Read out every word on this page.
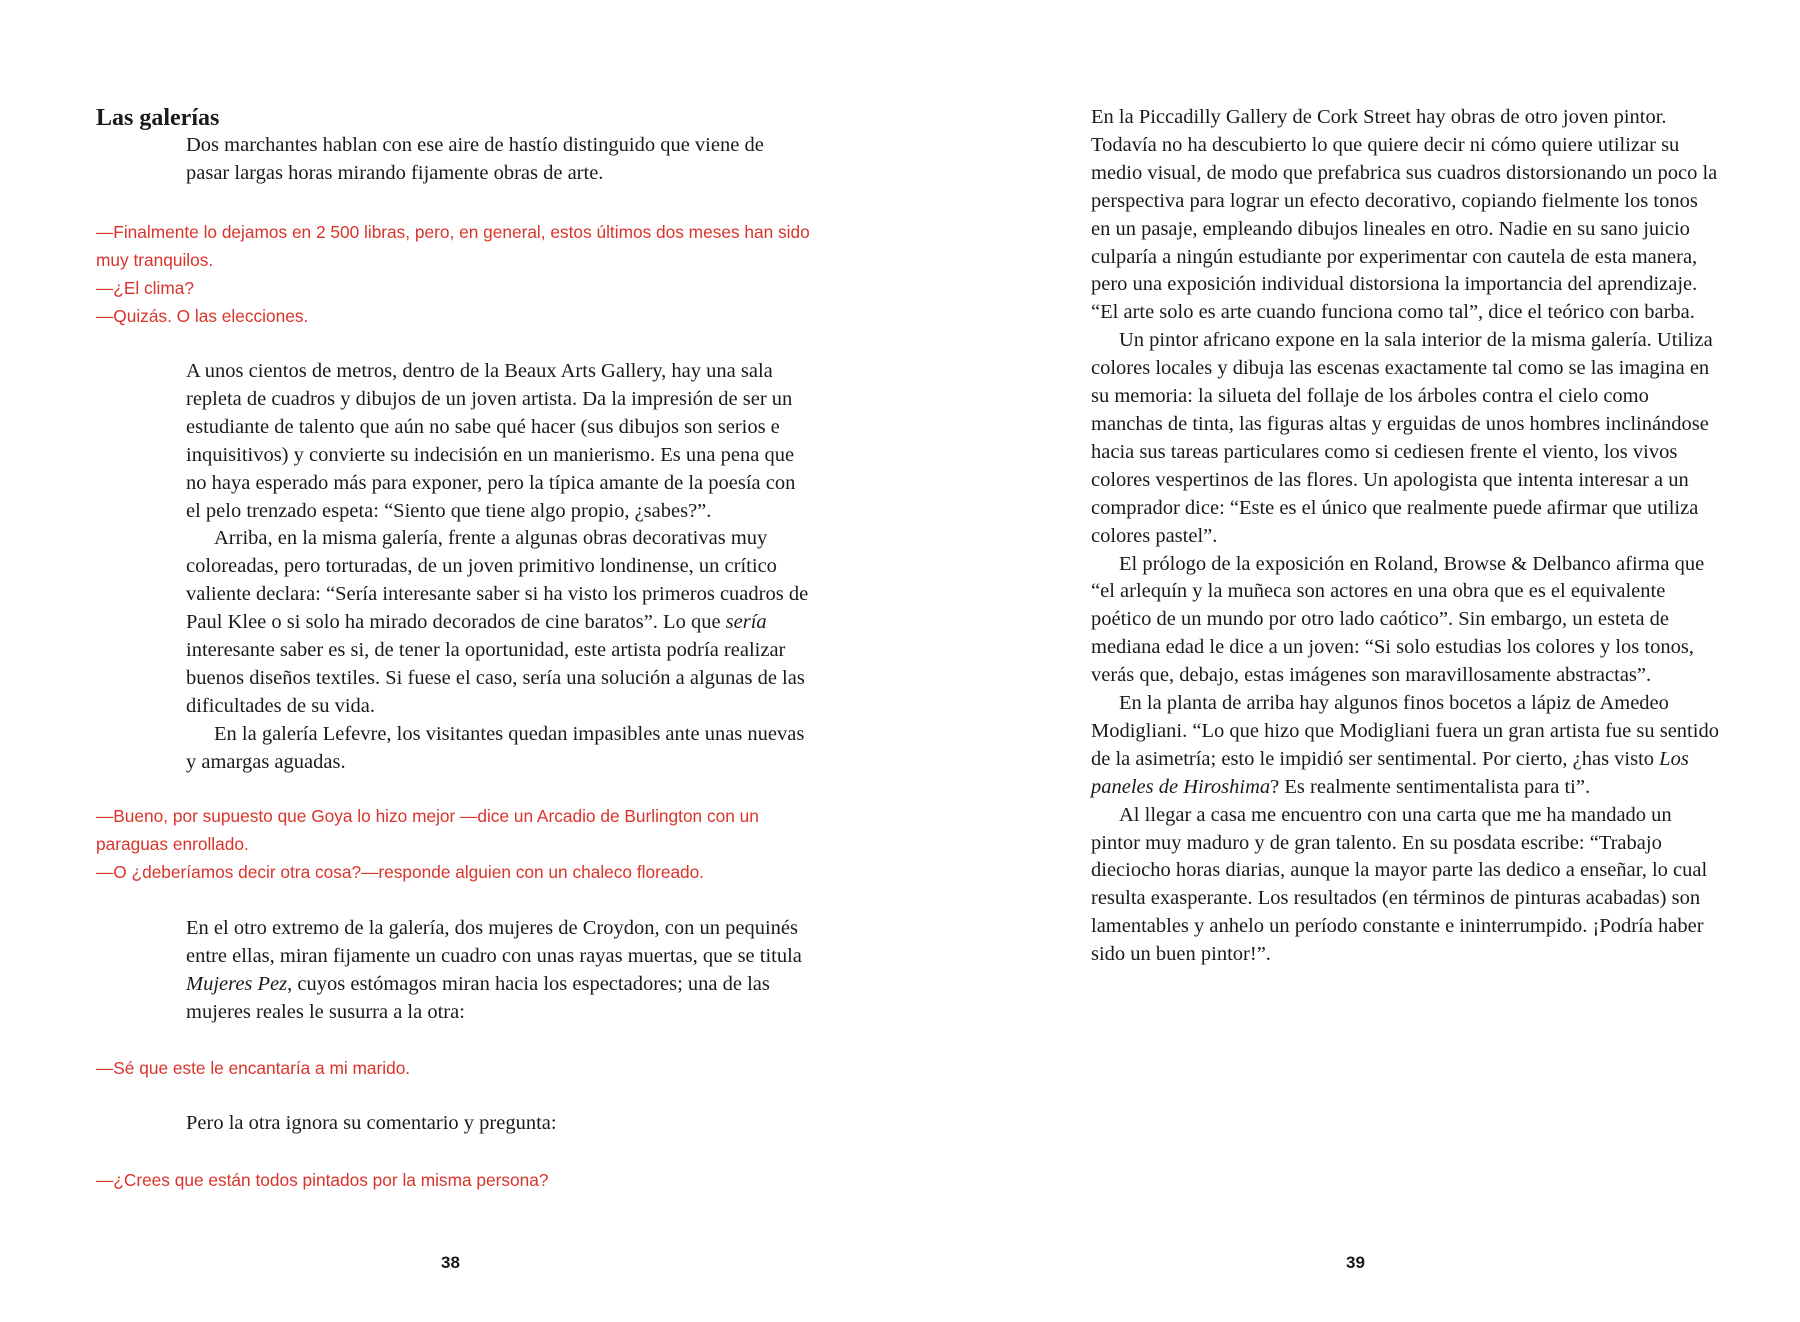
Las galerías

Dos marchantes hablan con ese aire de hastío distinguido que viene de pasar largas horas mirando fijamente obras de arte.

—Finalmente lo dejamos en 2 500 libras, pero, en general, estos últimos dos meses han sido muy tranquilos.

—¿El clima?

—Quizás. O las elecciones.

A unos cientos de metros, dentro de la Beaux Arts Gallery, hay una sala repleta de cuadros y dibujos de un joven artista. Da la impresión de ser un estudiante de talento que aún no sabe qué hacer (sus dibujos son serios e inquisitivos) y convierte su indecisión en un manierismo. Es una pena que no haya esperado más para exponer, pero la típica amante de la poesía con el pelo trenzado espeta: “Siento que tiene algo propio, ¿sabes?”.

Arriba, en la misma galería, frente a algunas obras decorativas muy coloreadas, pero torturadas, de un joven primitivo londinense, un crítico valiente declara: “Sería interesante saber si ha visto los primeros cuadros de Paul Klee o si solo ha mirado decorados de cine baratos”. Lo que sería interesante saber es si, de tener la oportunidad, este artista podría realizar buenos diseños textiles. Si fuese el caso, sería una solución a algunas de las dificultades de su vida.

En la galería Lefevre, los visitantes quedan impasibles ante unas nuevas y amargas aguadas.

—Bueno, por supuesto que Goya lo hizo mejor —dice un Arcadio de Burlington con un paraguas enrollado.

—O ¿deberíamos decir otra cosa?—responde alguien con un chaleco floreado.

En el otro extremo de la galería, dos mujeres de Croydon, con un pequinés entre ellas, miran fijamente un cuadro con unas rayas muertas, que se titula Mujeres Pez, cuyos estómagos miran hacia los espectadores; una de las mujeres reales le susurra a la otra:

—Sé que este le encantaría a mi marido.

Pero la otra ignora su comentario y pregunta:

—¿Crees que están todos pintados por la misma persona?

38

En la Piccadilly Gallery de Cork Street hay obras de otro joven pintor. Todavía no ha descubierto lo que quiere decir ni cómo quiere utilizar su medio visual, de modo que prefabrica sus cuadros distorsionando un poco la perspectiva para lograr un efecto decorativo, copiando fielmente los tonos en un pasaje, empleando dibujos lineales en otro. Nadie en su sano juicio culparía a ningún estudiante por experimentar con cautela de esta manera, pero una exposición individual distorsiona la importancia del aprendizaje. “El arte solo es arte cuando funciona como tal”, dice el teórico con barba.

Un pintor africano expone en la sala interior de la misma galería. Utiliza colores locales y dibuja las escenas exactamente tal como se las imagina en su memoria: la silueta del follaje de los árboles contra el cielo como manchas de tinta, las figuras altas y erguidas de unos hombres inclinándose hacia sus tareas particulares como si cediesen frente el viento, los vivos colores vespertinos de las flores. Un apologista que intenta interesar a un comprador dice: “Este es el único que realmente puede afirmar que utiliza colores pastel”.

El prólogo de la exposición en Roland, Browse & Delbanco afirma que “el arlequín y la muñeca son actores en una obra que es el equivalente poético de un mundo por otro lado caótico”. Sin embargo, un esteta de mediana edad le dice a un joven: “Si solo estudias los colores y los tonos, verás que, debajo, estas imágenes son maravillosamente abstractas”.

En la planta de arriba hay algunos finos bocetos a lápiz de Amedeo Modigliani. “Lo que hizo que Modigliani fuera un gran artista fue su sentido de la asimetría; esto le impidió ser sentimental. Por cierto, ¿has visto Los paneles de Hiroshima? Es realmente sentimentalista para ti”.

Al llegar a casa me encuentro con una carta que me ha mandado un pintor muy maduro y de gran talento. En su posdata escribe: “Trabajo dieciocho horas diarias, aunque la mayor parte las dedico a enseñar, lo cual resulta exasperante. Los resultados (en términos de pinturas acabadas) son lamentables y anhelo un período constante e ininterrumpido. ¡Podría haber sido un buen pintor!”.

39
